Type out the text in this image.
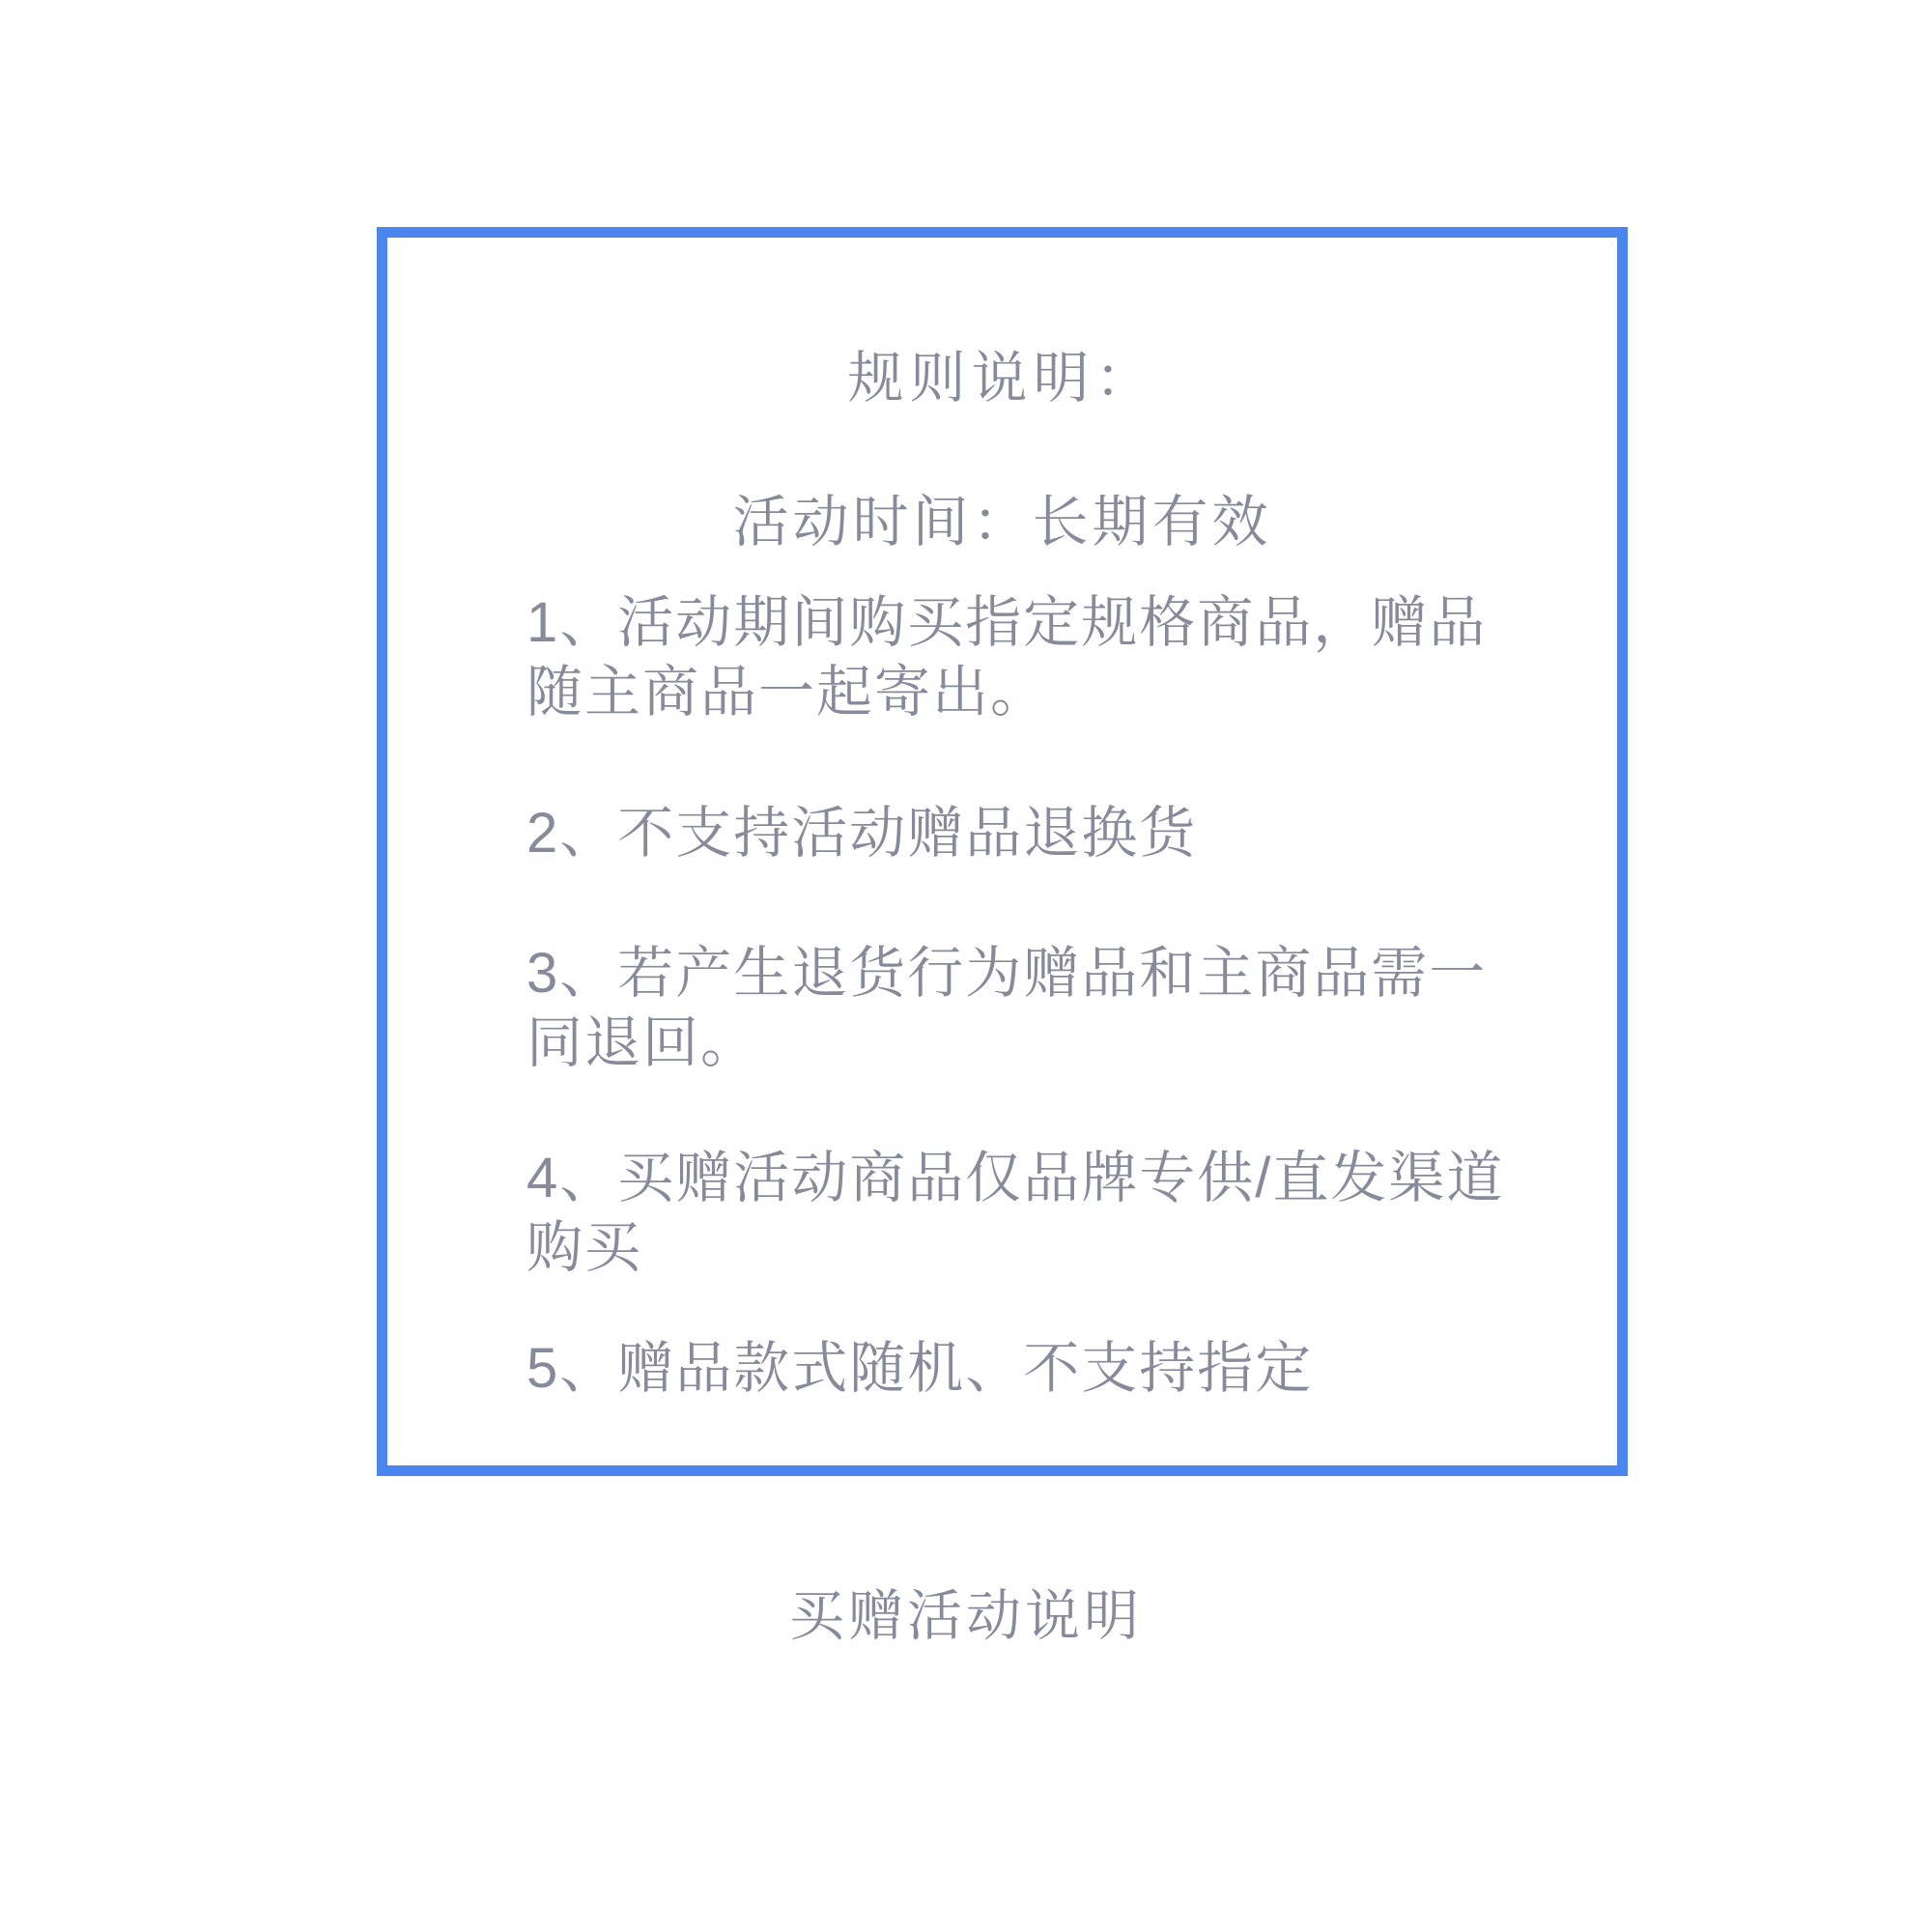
规则说明：
活动时间：长期有效

1、活动期间购买指定规格商品，赠品
随主商品一起寄出。

2、不支持活动赠品退换货

3、若产生退货行为赠品和主商品需一
同退回。

4、买赠活动商品仅品牌专供/直发渠道
购买

5、赠品款式随机、不支持指定

买赠活动说明
